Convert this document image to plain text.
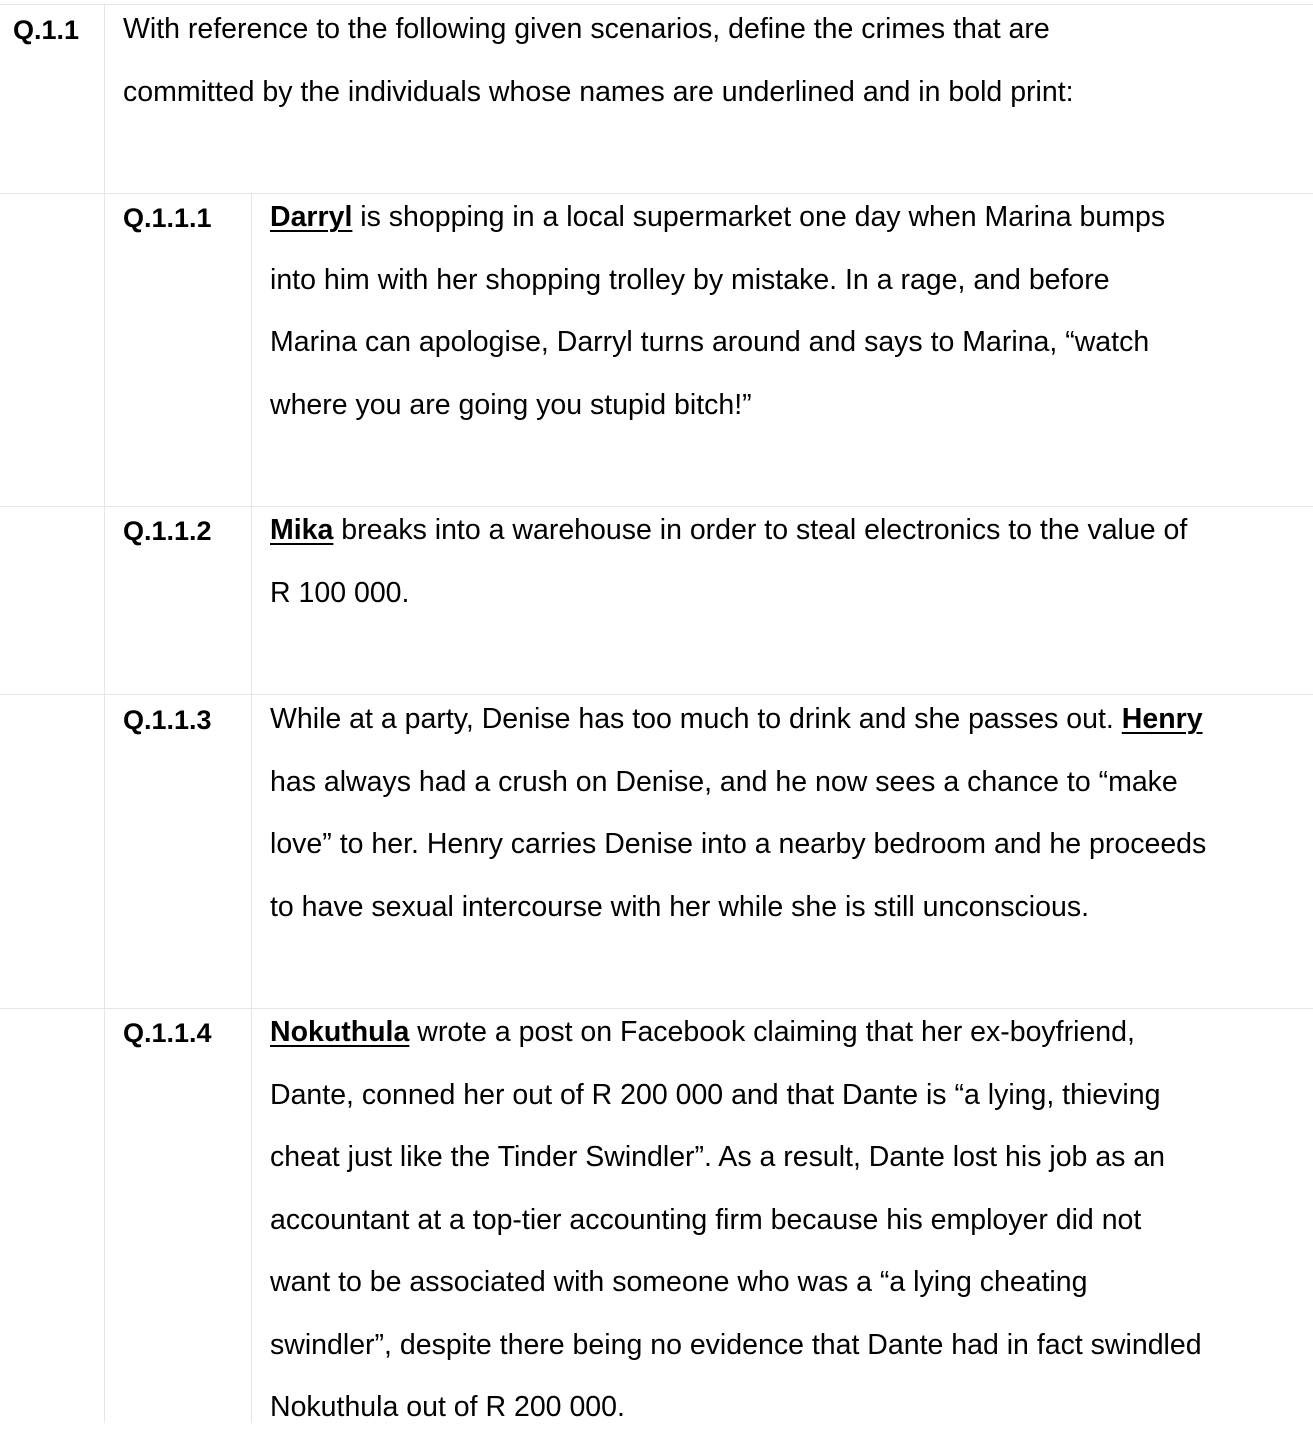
Q.1.1 With reference to the following given scenarios, define the crimes that are
committed by the individuals whose names are underlined and in bold print:
Q.1.1.1 Darryl is shopping in a local supermarket one day when Marina bumps
into him with her shopping trolley by mistake. In a rage, and before
Marina can apologise, Darryl turns around and says to Marina, “watch
where you are going you stupid bitch!”
Q.1.1.2 Mika breaks into a warehouse in order to steal electronics to the value of
R 100 000.
Q.1.1.3 While at a party, Denise has too much to drink and she passes out. Henry
has always had a crush on Denise, and he now sees a chance to “make
love” to her. Henry carries Denise into a nearby bedroom and he proceeds
to have sexual intercourse with her while she is still unconscious.
Q.1.1.4 Nokuthula wrote a post on Facebook claiming that her ex-boyfriend,
Dante, conned her out of R 200 000 and that Dante is “a lying, thieving
cheat just like the Tinder Swindler”. As a result, Dante lost his job as an
accountant at a top-tier accounting firm because his employer did not
want to be associated with someone who was a “a lying cheating
swindler”, despite there being no evidence that Dante had in fact swindled
Nokuthula out of R 200 000.
